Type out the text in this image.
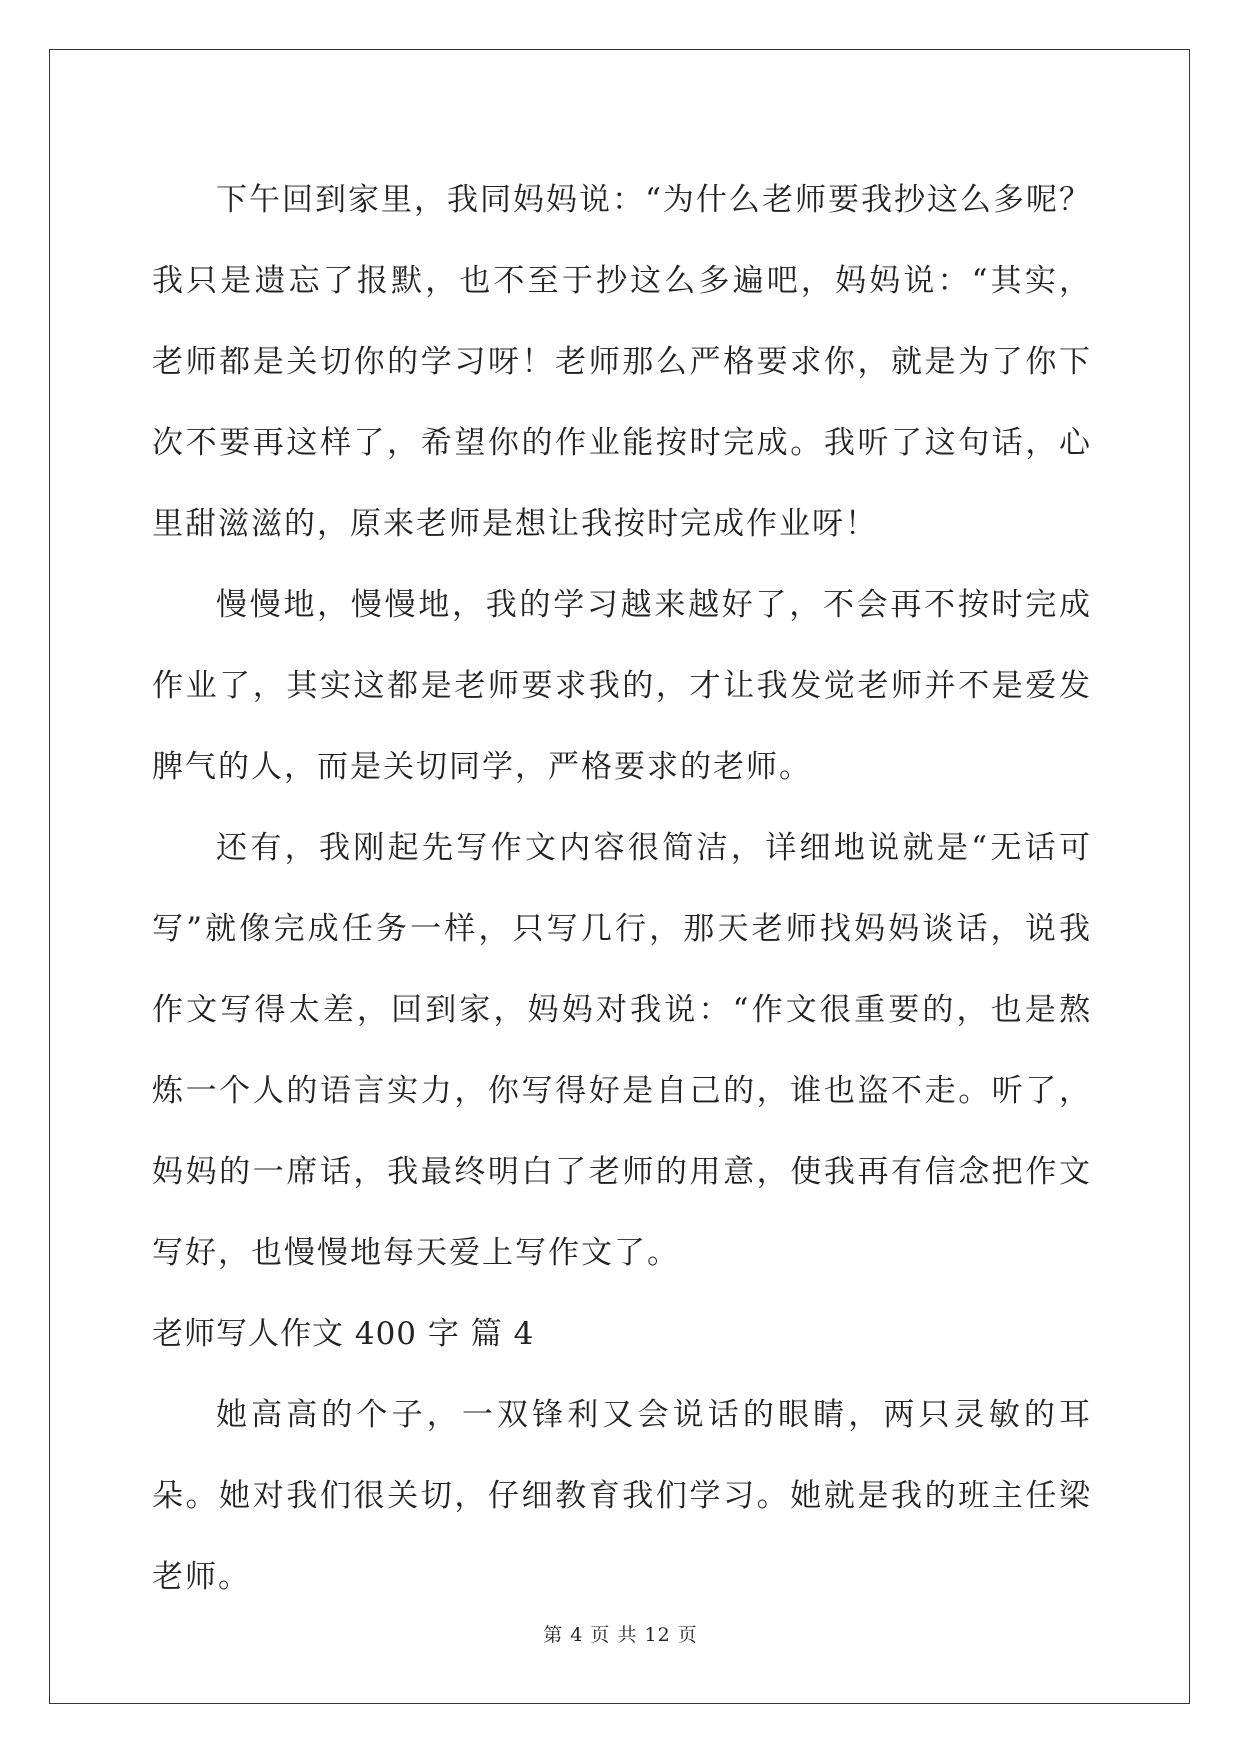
下午回到家里，我同妈妈说：“为什么老师要我抄这么多呢？我只是遗忘了报默，也不至于抄这么多遍吧，妈妈说：“其实，老师都是关切你的学习呀！老师那么严格要求你，就是为了你下次不要再这样了，希望你的作业能按时完成。我听了这句话，心里甜滋滋的，原来老师是想让我按时完成作业呀！

慢慢地，慢慢地，我的学习越来越好了，不会再不按时完成作业了，其实这都是老师要求我的，才让我发觉老师并不是爱发脾气的人，而是关切同学，严格要求的老师。

还有，我刚起先写作文内容很简洁，详细地说就是“无话可写”就像完成任务一样，只写几行，那天老师找妈妈谈话，说我作文写得太差，回到家，妈妈对我说：“作文很重要的，也是熬炼一个人的语言实力，你写得好是自己的，谁也盗不走。听了，妈妈的一席话，我最终明白了老师的用意，使我再有信念把作文写好，也慢慢地每天爱上写作文了。

老师写人作文 400 字 篇 4

她高高的个子，一双锋利又会说话的眼睛，两只灵敏的耳朵。她对我们很关切，仔细教育我们学习。她就是我的班主任梁老师。

第 4 页 共 12 页
